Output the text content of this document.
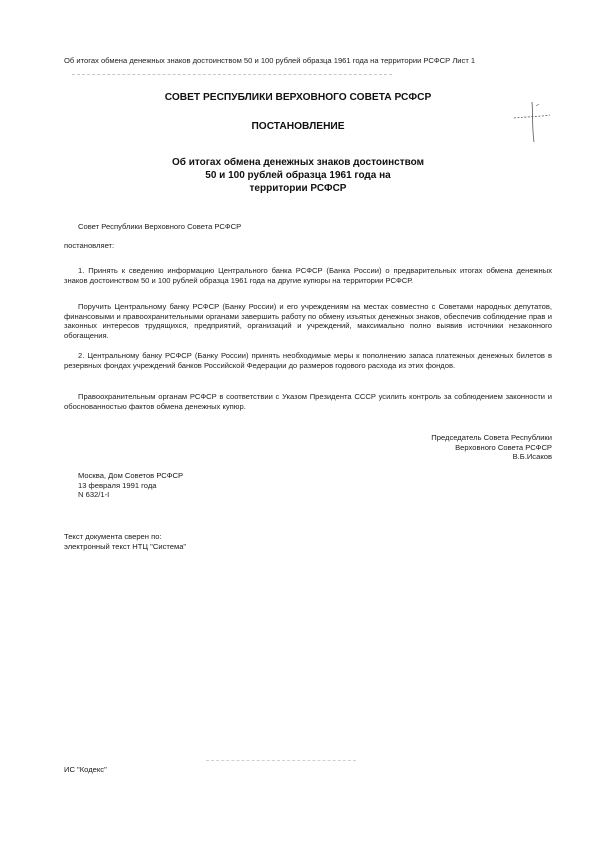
Об итогах обмена денежных знаков достоинством 50 и 100 рублей образца 1961 года на территории РСФСР Лист 1
СОВЕТ РЕСПУБЛИКИ ВЕРХОВНОГО СОВЕТА РСФСР
ПОСТАНОВЛЕНИЕ
Об итогах обмена денежных знаков достоинством
50 и 100 рублей образца 1961 года на
территории РСФСР
Совет Республики Верховного Совета РСФСР
постановляет:
1. Принять к сведению информацию Центрального банка РСФСР (Банка России) о предварительных итогах обмена денежных знаков достоинством 50 и 100 рублей образца 1961 года на другие купюры на территории РСФСР.
Поручить Центральному банку РСФСР (Банку России) и его учреждениям на местах совместно с Советами народных депутатов, финансовыми и правоохранительными органами завершить работу по обмену изъятых денежных знаков, обеспечив соблюдение прав и законных интересов трудящихся, предприятий, организаций и учреждений, максимально полно выявив источники незаконного обогащения.
2. Центральному банку РСФСР (Банку России) принять необходимые меры к пополнению запаса платежных денежных билетов в резервных фондах учреждений банков Российской Федерации до размеров годового расхода из этих фондов.
Правоохранительным органам РСФСР в соответствии с Указом Президента СССР усилить контроль за соблюдением законности и обоснованностью фактов обмена денежных купюр.
Председатель Совета Республики
Верховного Совета РСФСР
В.Б.Исаков
Москва, Дом Советов РСФСР
13 февраля 1991 года
N 632/1-I
Текст документа сверен по:
электронный текст НТЦ "Система"
ИС "Кодекс"
